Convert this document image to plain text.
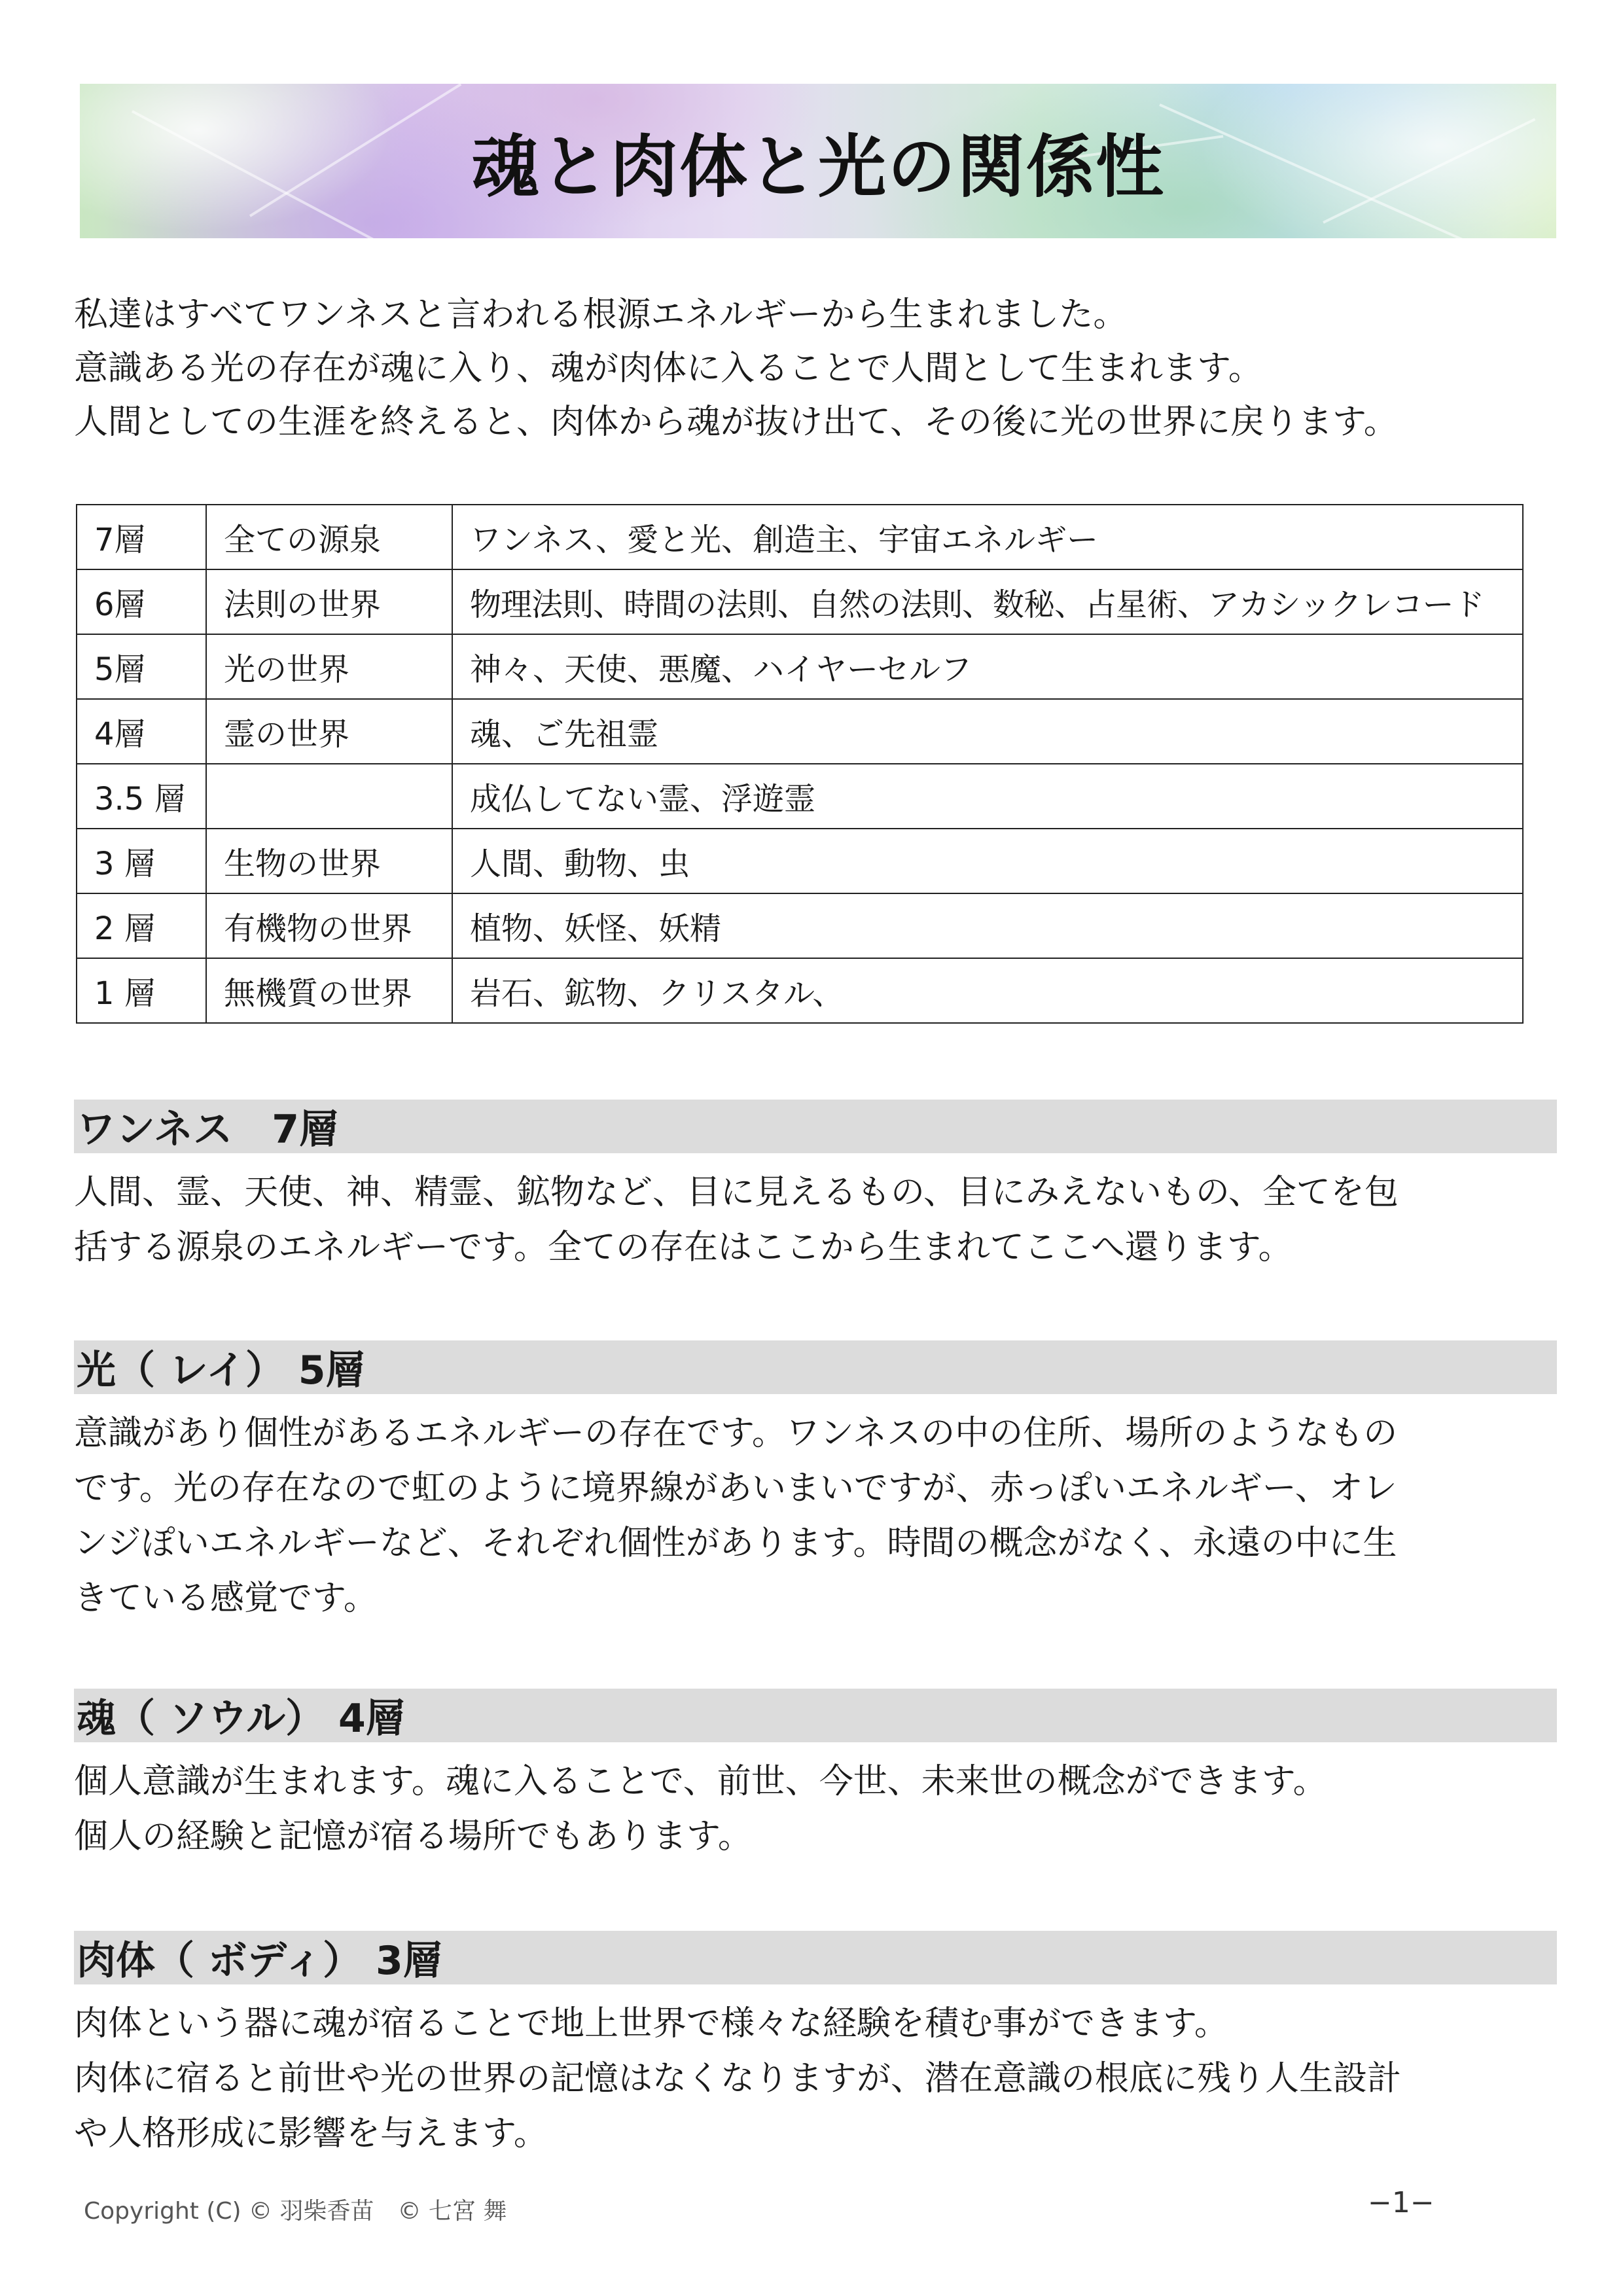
魂と肉体と光の関係性

私達はすべてワンネスと言われる根源エネルギーから生まれました。

意識ある光の存在が魂に入り、魂が肉体に入ることで人間として生まれます。

人間としての生涯を終えると、肉体から魂が抜け出て、その後に光の世界に戻ります。

7層	全ての源泉	ワンネス、愛と光、創造主、宇宙エネルギー
6層	法則の世界	物理法則、時間の法則、自然の法則、数秘、占星術、アカシックレコード
5層	光の世界	神々、天使、悪魔、ハイヤーセルフ
4層	霊の世界	魂、ご先祖霊
3.5 層		成仏してない霊、浮遊霊
3 層	生物の世界	人間、動物、虫
2 層	有機物の世界	植物、妖怪、妖精
1 層	無機質の世界	岩石、鉱物、クリスタル、
ワンネス　7層

人間、霊、天使、神、精霊、鉱物など、目に見えるもの、目にみえないもの、全てを包

括する源泉のエネルギーです。全ての存在はここから生まれてここへ還ります。

光（ レイ） 5層

意識があり個性があるエネルギーの存在です。ワンネスの中の住所、場所のようなもの

です。光の存在なので虹のように境界線があいまいですが、赤っぽいエネルギー、オレ

ンジぽいエネルギーなど、それぞれ個性があります。時間の概念がなく、永遠の中に生

きている感覚です。

魂（ ソウル） 4層

個人意識が生まれます。魂に入ることで、前世、今世、未来世の概念ができます。

個人の経験と記憶が宿る場所でもあります。

肉体（ ボディ） 3層

肉体という器に魂が宿ることで地上世界で様々な経験を積む事ができます。

肉体に宿ると前世や光の世界の記憶はなくなりますが、潜在意識の根底に残り人生設計

や人格形成に影響を与えます。

Copyright (C) © 羽柴香苗　© 七宮 舞	−1−
